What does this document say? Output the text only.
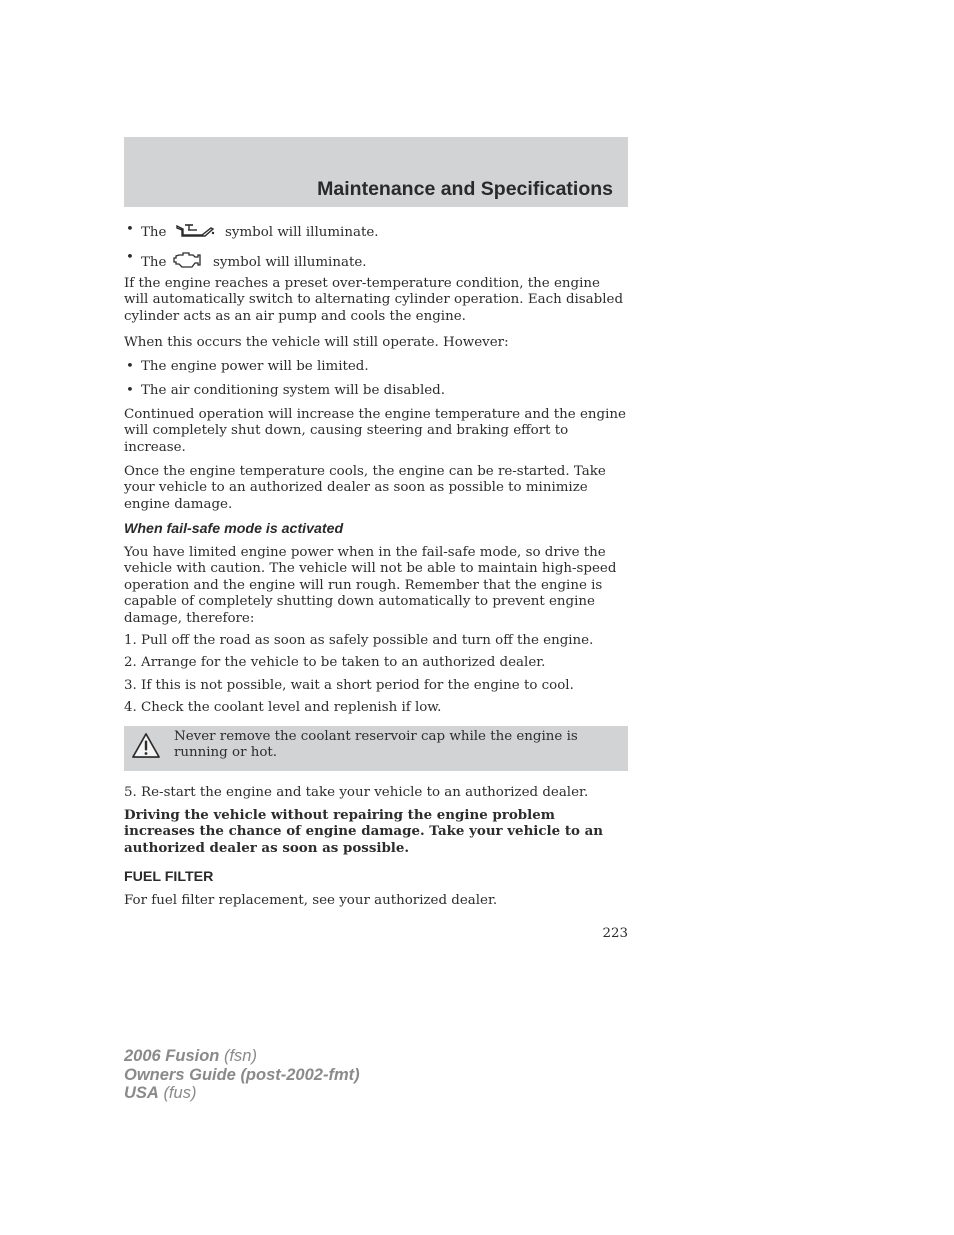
Maintenance and Specifications
• The	symbol will illuminate.
• The	symbol will illuminate.
If the engine reaches a preset over-temperature condition, the engine will automatically switch to alternating cylinder operation. Each disabled cylinder acts as an air pump and cools the engine.
When this occurs the vehicle will still operate. However:
• The engine power will be limited.
• The air conditioning system will be disabled.
Continued operation will increase the engine temperature and the engine will completely shut down, causing steering and braking effort to increase.
Once the engine temperature cools, the engine can be re-started. Take your vehicle to an authorized dealer as soon as possible to minimize engine damage.
When fail-safe mode is activated
You have limited engine power when in the fail-safe mode, so drive the vehicle with caution. The vehicle will not be able to maintain high-speed operation and the engine will run rough. Remember that the engine is capable of completely shutting down automatically to prevent engine damage, therefore:
1. Pull off the road as soon as safely possible and turn off the engine.
2. Arrange for the vehicle to be taken to an authorized dealer.
3. If this is not possible, wait a short period for the engine to cool.
4. Check the coolant level and replenish if low.
Never remove the coolant reservoir cap while the engine is running or hot.
5. Re-start the engine and take your vehicle to an authorized dealer.
Driving the vehicle without repairing the engine problem increases the chance of engine damage. Take your vehicle to an authorized dealer as soon as possible.
FUEL FILTER
For fuel filter replacement, see your authorized dealer.
223
2006 Fusion (fsn)
Owners Guide (post-2002-fmt)
USA (fus)
